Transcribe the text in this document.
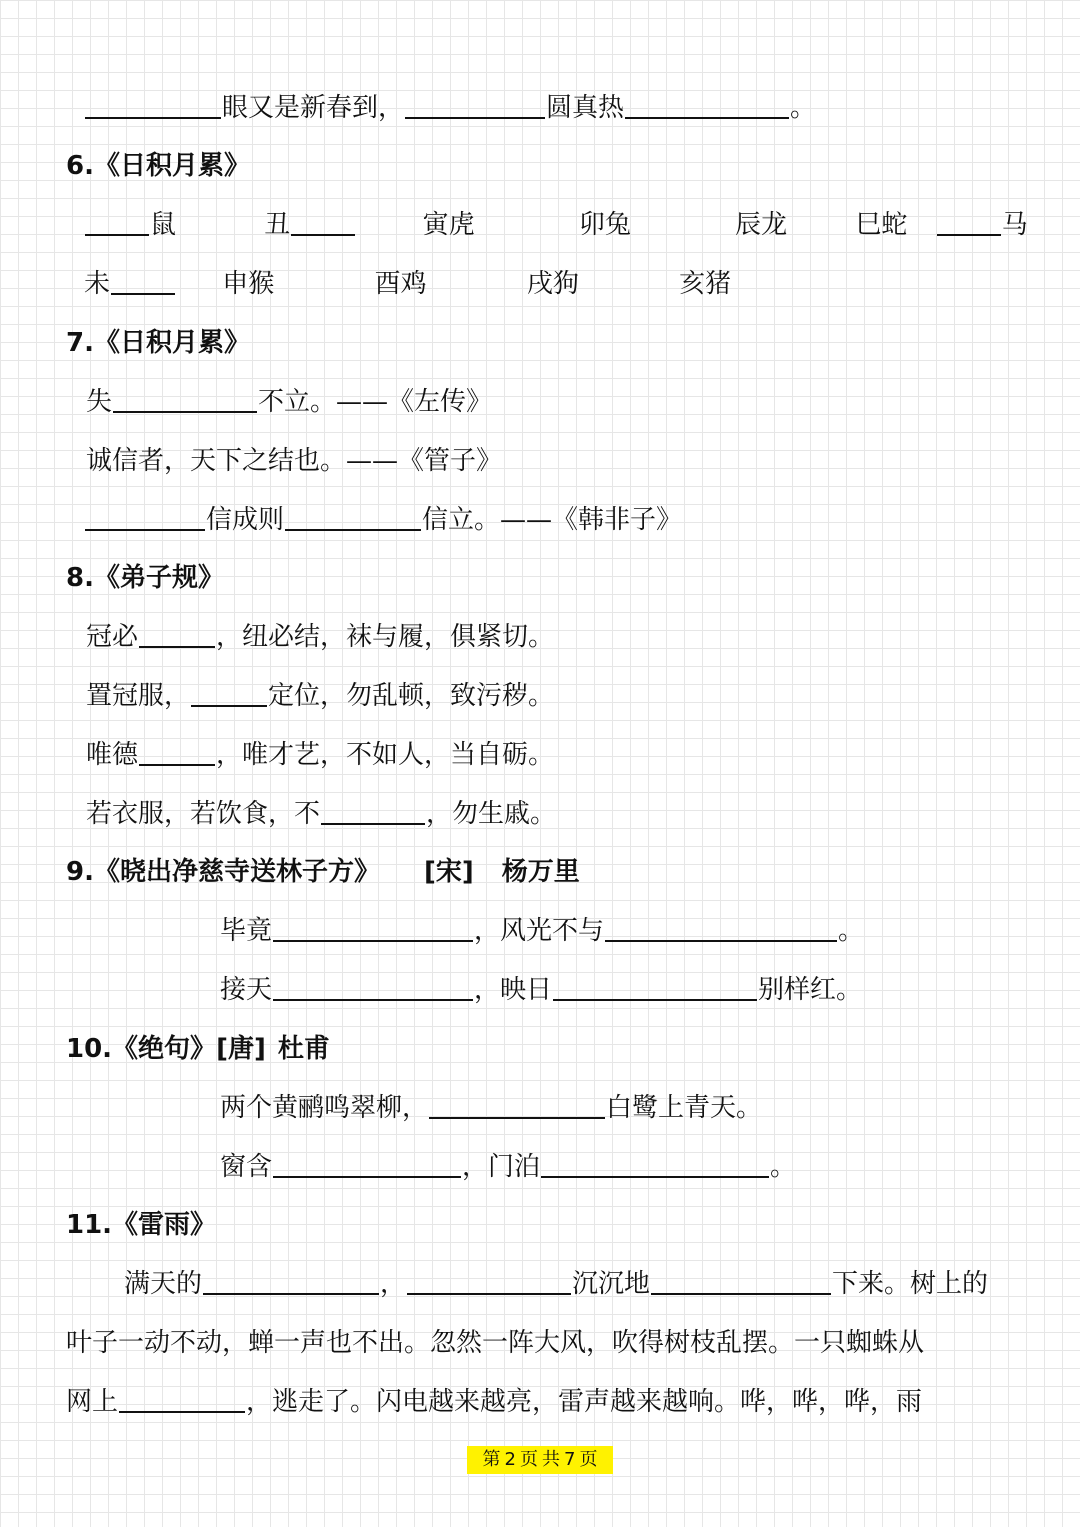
眼又是新春到，	圆真热	。
6.《日积月累》
鼠	丑	寅虎	卯兔	辰龙	巳蛇	马
未	申猴	酉鸡	戌狗	亥猪
7.《日积月累》
失	不立。——《左传》
诚信者，天下之结也。——《管子》
信成则	信立。——《韩非子》
8.《弟子规》
冠必	，纽必结，袜与履，俱紧切。
置冠服，	定位，勿乱顿，致污秽。
唯德	，唯才艺，不如人，当自砺。
若衣服，若饮食，不	，勿生戚。
9.《晓出净慈寺送林子方》 [宋] 杨万里
毕竟	，风光不与	。
接天	，映日	别样红。
10.《绝句》[唐] 杜甫
两个黄鹂鸣翠柳，	白鹭上青天。
窗含	，门泊	。
11.《雷雨》
满天的	，	沉沉地	下来。树上的
叶子一动不动，蝉一声也不出。忽然一阵大风，吹得树枝乱摆。一只蜘蛛从
网上	，逃走了。闪电越来越亮，雷声越来越响。哗，哗，哗，雨
第 2 页 共 7 页
